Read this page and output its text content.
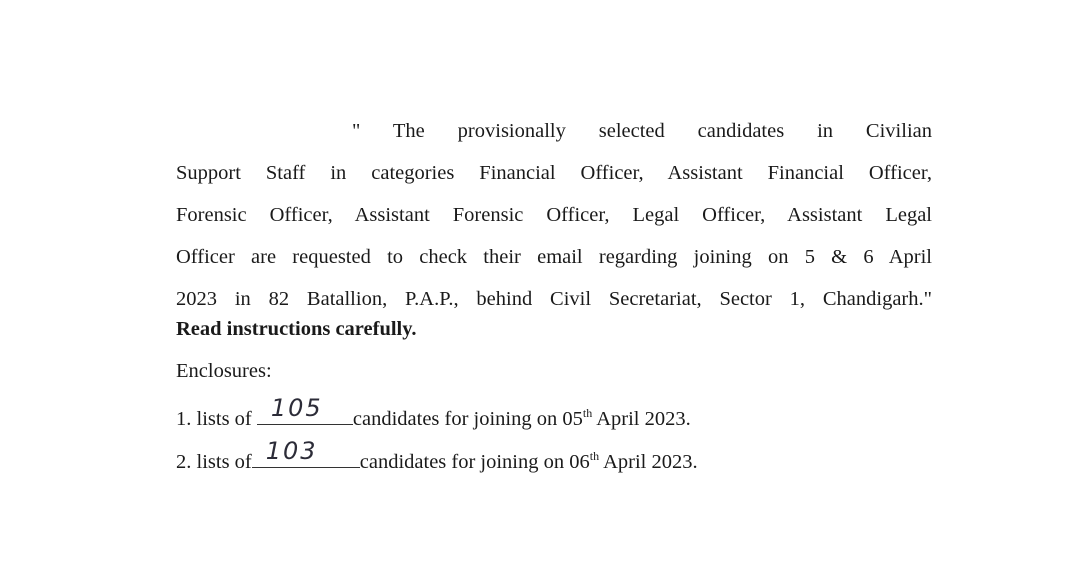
" The provisionally selected candidates in Civilian
Support Staff in categories Financial Officer, Assistant Financial Officer,
Forensic Officer, Assistant Forensic Officer, Legal Officer, Assistant Legal
Officer are requested to check their email regarding joining on 5 & 6 April
2023 in 82 Batallion, P.A.P., behind Civil Secretariat, Sector 1, Chandigarh."

Read instructions carefully.

Enclosures:

1. lists of 105 candidates for joining on 05th April 2023.

2. lists of 103 candidates for joining on 06th April 2023.
